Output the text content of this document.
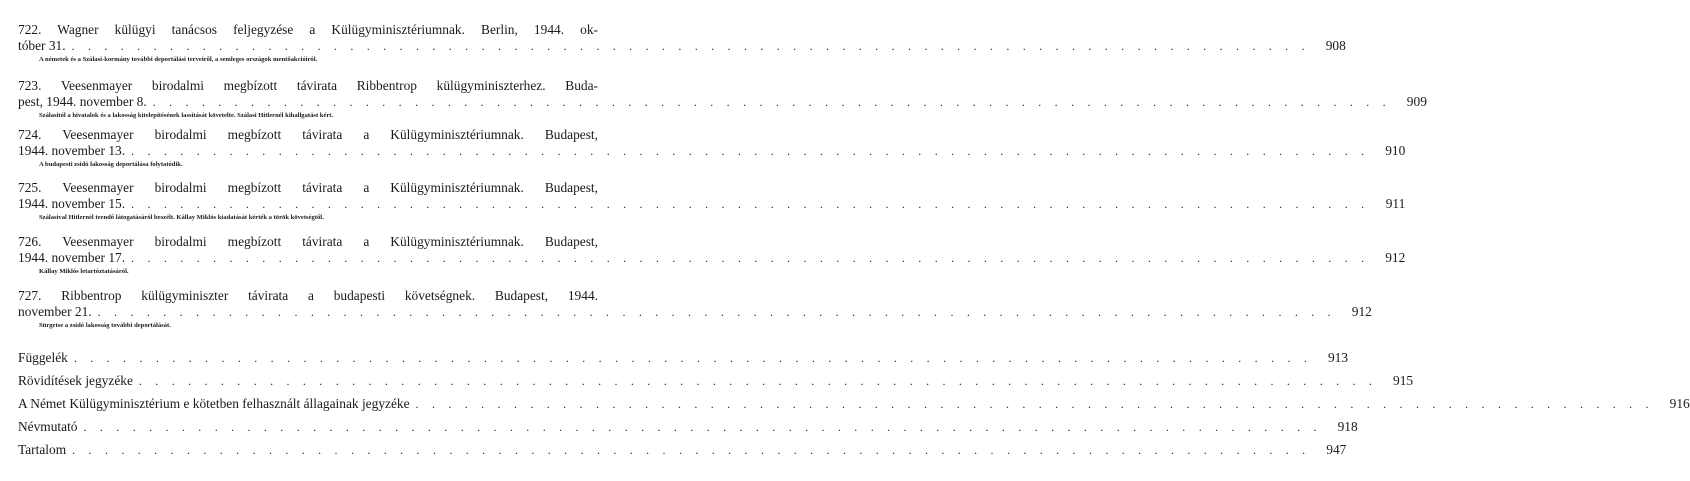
722. Wagner külügyi tanácsos feljegyzése a Külügyminisztériumnak. Berlin, 1944. ok-
tóber 31. . . . . . . . . . . . . . . . . . . . . . . . . . . . . . . . . . . . . . . . . . . . . . . . . . . . . . . . . . . . . . . . . . . . . . . . . . . . .	908
A németek és a Szálasi-kormány további deportálási terveiről, a semleges országok mentőakcióiról.
723. Veesenmayer birodalmi megbízott távirata Ribbentrop külügyminiszterhez. Buda-
pest, 1944. november 8. . . . . . . . . . . . . . . . . . . . . . . . . . . . . . . . . . . . . . . . . . . . . . . . . . . . . . . . . . . . . . . . . . . . . . . . . . . . .	909
Szálasitól a hivatalok és a lakosság kitelepítésének lassítását követelte. Szálasi Hitlernél kihallgatást kért.
724. Veesenmayer birodalmi megbízott távirata a Külügyminisztériumnak. Budapest,
1944. november 13. . . . . . . . . . . . . . . . . . . . . . . . . . . . . . . . . . . . . . . . . . . . . . . . . . . . . . . . . . . . . . . . . . . . . . . . . . . . .	910
A budapesti zsidó lakosság deportálása folytatódik.
725. Veesenmayer birodalmi megbízott távirata a Külügyminisztériumnak. Budapest,
1944. november 15. . . . . . . . . . . . . . . . . . . . . . . . . . . . . . . . . . . . . . . . . . . . . . . . . . . . . . . . . . . . . . . . . . . . . . . . . . . . .	911
Szálasival Hitlernél teendő látogatásáról beszélt. Kállay Miklós kiadatását kérték a török követségtől.
726. Veesenmayer birodalmi megbízott távirata a Külügyminisztériumnak. Budapest,
1944. november 17. . . . . . . . . . . . . . . . . . . . . . . . . . . . . . . . . . . . . . . . . . . . . . . . . . . . . . . . . . . . . . . . . . . . . . . . . . . . .	912
Kállay Miklós letartóztatásáról.
727. Ribbentrop külügyminiszter távirata a budapesti követségnek. Budapest, 1944.
november 21. . . . . . . . . . . . . . . . . . . . . . . . . . . . . . . . . . . . . . . . . . . . . . . . . . . . . . . . . . . . . . . . . . . . . . . . . . . . .	912
Sürgetse a zsidó lakosság további deportálását.
Függelék . . . . . . . . . . . . . . . . . . . . . . . . . . . . . . . . . . . . . . . . . . . . . . . . . . . . . . . . . . . . . . . . . . . . . . . . . . . .	913
Rövidítések jegyzéke . . . . . . . . . . . . . . . . . . . . . . . . . . . . . . . . . . . . . . . . . . . . . . . . . . . . . . . . . . . . . . . . . . . . . . . . . . . .	915
A Német Külügyminisztérium e kötetben felhasznált állagainak jegyzéke . . . . . . . . . . . . . . . . . . . . . . . . . . . . . . . . . . . . . . . . . . . . . . . . . . . . . . . . . . . . . . . . . . . . . . . . . . . .	916
Névmutató . . . . . . . . . . . . . . . . . . . . . . . . . . . . . . . . . . . . . . . . . . . . . . . . . . . . . . . . . . . . . . . . . . . . . . . . . . . .	918
Tartalom . . . . . . . . . . . . . . . . . . . . . . . . . . . . . . . . . . . . . . . . . . . . . . . . . . . . . . . . . . . . . . . . . . . . . . . . . . . .	947
